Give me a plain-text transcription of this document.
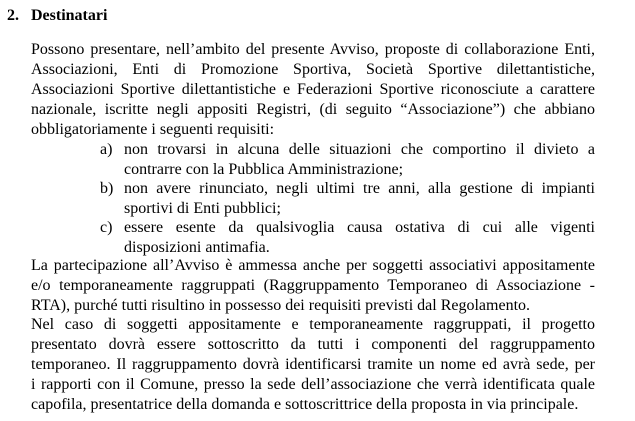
2. Destinatari
Possono presentare, nell’ambito del presente Avviso, proposte di collaborazione Enti,
Associazioni, Enti di Promozione Sportiva, Società Sportive dilettantistiche,
Associazioni Sportive dilettantistiche e Federazioni Sportive riconosciute a carattere
nazionale, iscritte negli appositi Registri, (di seguito “Associazione”) che abbiano
obbligatoriamente i seguenti requisiti:
a) non trovarsi in alcuna delle situazioni che comportino il divieto a
contrarre con la Pubblica Amministrazione;
b) non avere rinunciato, negli ultimi tre anni, alla gestione di impianti
sportivi di Enti pubblici;
c) essere esente da qualsivoglia causa ostativa di cui alle vigenti
disposizioni antimafia.
La partecipazione all’Avviso è ammessa anche per soggetti associativi appositamente
e/o temporaneamente raggruppati (Raggruppamento Temporaneo di Associazione -
RTA), purché tutti risultino in possesso dei requisiti previsti dal Regolamento.
Nel caso di soggetti appositamente e temporaneamente raggruppati, il progetto
presentato dovrà essere sottoscritto da tutti i componenti del raggruppamento
temporaneo. Il raggruppamento dovrà identificarsi tramite un nome ed avrà sede, per
i rapporti con il Comune, presso la sede dell’associazione che verrà identificata quale
capofila, presentatrice della domanda e sottoscrittrice della proposta in via principale.
